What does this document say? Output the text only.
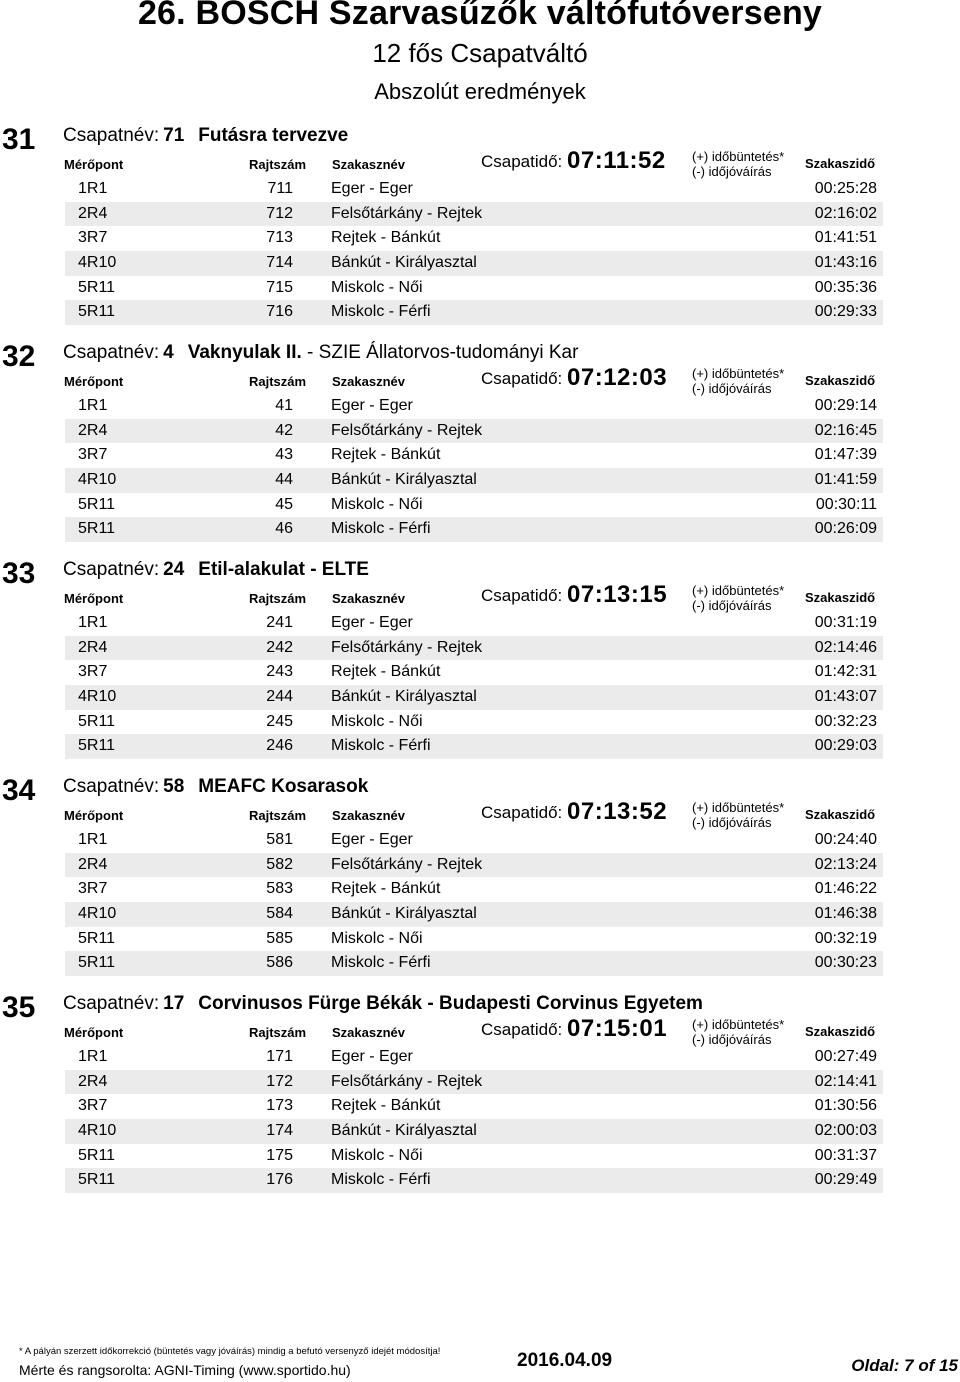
26. BOSCH Szarvasűzők váltófutóverseny
12 fős Csapatváltó
Abszolút eredmények
31 Csapatnév: 71 Futásra tervezve
Mérőpont	Rajtszám Szakasznév	Csapatidő: 07:11:52 (+) időbüntetés*
(-) időjóváírás
Szakaszidő
1R1	711 Eger - Eger	00:25:28
2R4	712 Felsőtárkány - Rejtek	02:16:02
3R7	713 Rejtek - Bánkút	01:41:51
4R10	714 Bánkút - Királyasztal	01:43:16
5R11	715 Miskolc - Női	00:35:36
5R11	716 Miskolc - Férfi	00:29:33
32 Csapatnév: 4 Vaknyulak II. - SZIE Állatorvos-tudományi Kar
Mérőpont	Rajtszám Szakasznév	Csapatidő: 07:12:03 (+) időbüntetés*
(-) időjóváírás
Szakaszidő
1R1	41 Eger - Eger	00:29:14
2R4	42 Felsőtárkány - Rejtek	02:16:45
3R7	43 Rejtek - Bánkút	01:47:39
4R10	44 Bánkút - Királyasztal	01:41:59
5R11	45 Miskolc - Női	00:30:11
5R11	46 Miskolc - Férfi	00:26:09
33 Csapatnév: 24 Etil-alakulat - ELTE
Mérőpont	Rajtszám Szakasznév	Csapatidő: 07:13:15 (+) időbüntetés*
(-) időjóváírás
Szakaszidő
1R1	241 Eger - Eger	00:31:19
2R4	242 Felsőtárkány - Rejtek	02:14:46
3R7	243 Rejtek - Bánkút	01:42:31
4R10	244 Bánkút - Királyasztal	01:43:07
5R11	245 Miskolc - Női	00:32:23
5R11	246 Miskolc - Férfi	00:29:03
34 Csapatnév: 58 MEAFC Kosarasok
Mérőpont	Rajtszám Szakasznév	Csapatidő: 07:13:52 (+) időbüntetés*
(-) időjóváírás
Szakaszidő
1R1	581 Eger - Eger	00:24:40
2R4	582 Felsőtárkány - Rejtek	02:13:24
3R7	583 Rejtek - Bánkút	01:46:22
4R10	584 Bánkút - Királyasztal	01:46:38
5R11	585 Miskolc - Női	00:32:19
5R11	586 Miskolc - Férfi	00:30:23
35 Csapatnév: 17 Corvinusos Fürge Békák - Budapesti Corvinus Egyetem
Mérőpont	Rajtszám Szakasznév	Csapatidő: 07:15:01 (+) időbüntetés*
(-) időjóváírás
Szakaszidő
1R1	171 Eger - Eger	00:27:49
2R4	172 Felsőtárkány - Rejtek	02:14:41
3R7	173 Rejtek - Bánkút	01:30:56
4R10	174 Bánkút - Királyasztal	02:00:03
5R11	175 Miskolc - Női	00:31:37
5R11	176 Miskolc - Férfi	00:29:49
* A pályán szerzett időkorrekció (büntetés vagy jóváírás) mindig a befutó versenyző idejét módosítja!
Mérte és rangsorolta: AGNI-Timing (www.sportido.hu)	2016.04.09	Oldal: 7 of 15
